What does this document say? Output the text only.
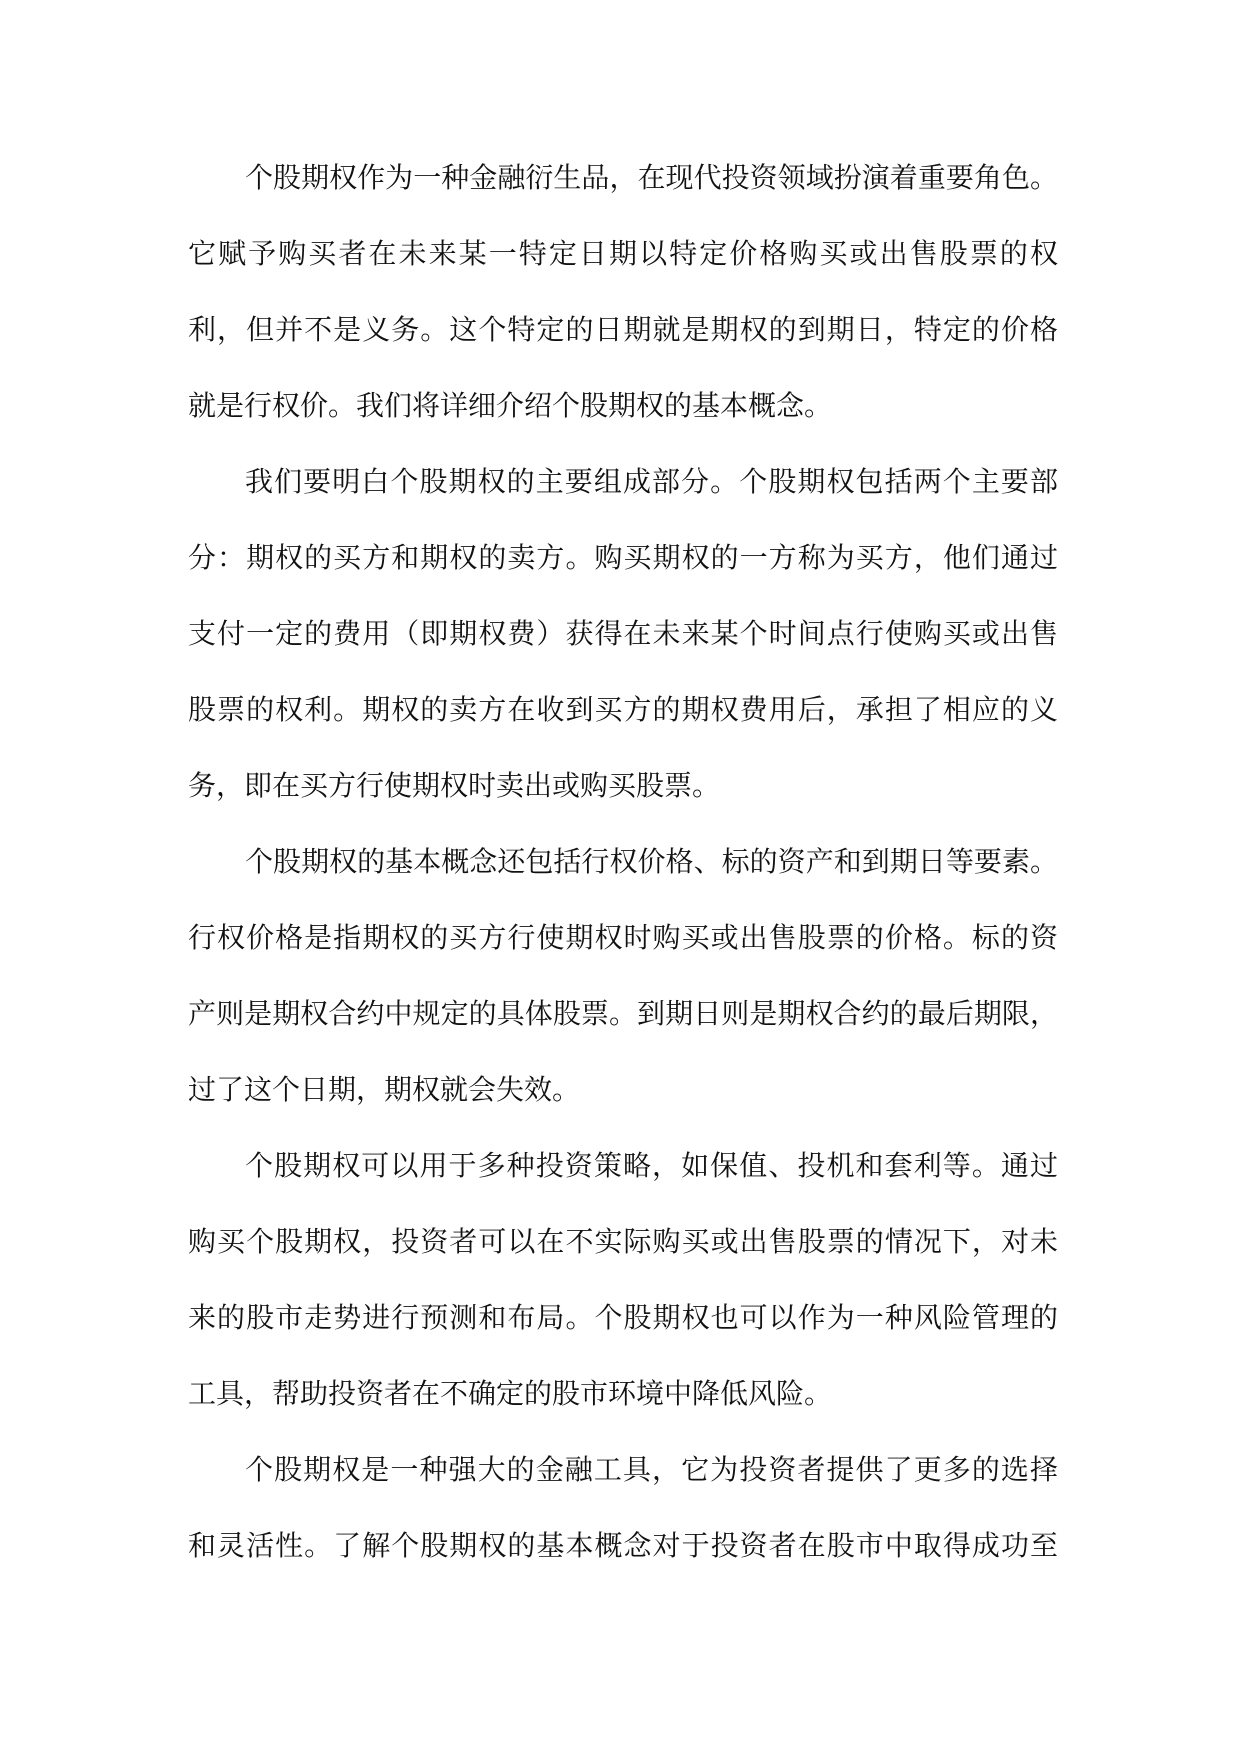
个股期权作为一种金融衍生品，在现代投资领域扮演着重要角色。
它赋予购买者在未来某一特定日期以特定价格购买或出售股票的权
利，但并不是义务。这个特定的日期就是期权的到期日，特定的价格
就是行权价。我们将详细介绍个股期权的基本概念。
我们要明白个股期权的主要组成部分。个股期权包括两个主要部
分：期权的买方和期权的卖方。购买期权的一方称为买方，他们通过
支付一定的费用（即期权费）获得在未来某个时间点行使购买或出售
股票的权利。期权的卖方在收到买方的期权费用后，承担了相应的义
务，即在买方行使期权时卖出或购买股票。
个股期权的基本概念还包括行权价格、标的资产和到期日等要素。
行权价格是指期权的买方行使期权时购买或出售股票的价格。标的资
产则是期权合约中规定的具体股票。到期日则是期权合约的最后期限，
过了这个日期，期权就会失效。
个股期权可以用于多种投资策略，如保值、投机和套利等。通过
购买个股期权，投资者可以在不实际购买或出售股票的情况下，对未
来的股市走势进行预测和布局。个股期权也可以作为一种风险管理的
工具，帮助投资者在不确定的股市环境中降低风险。
个股期权是一种强大的金融工具，它为投资者提供了更多的选择
和灵活性。了解个股期权的基本概念对于投资者在股市中取得成功至
